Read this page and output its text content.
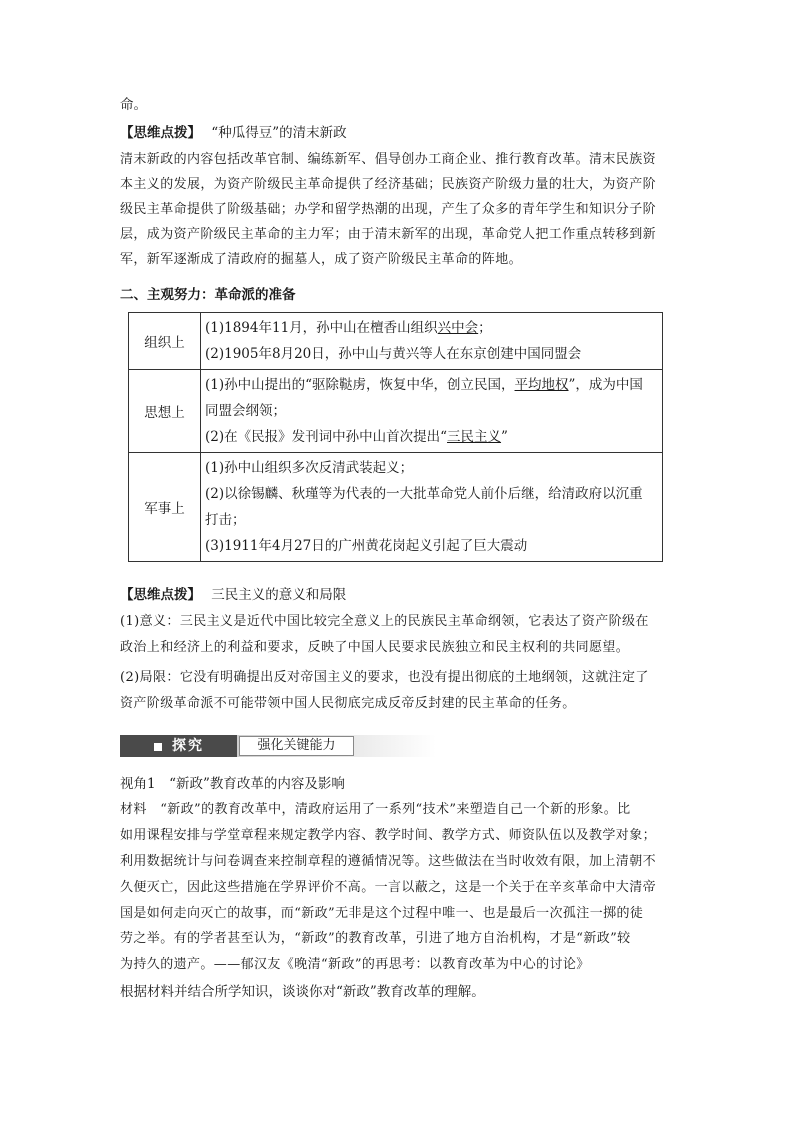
命。
【思维点拨】 “种瓜得豆”的清末新政
清末新政的内容包括改革官制、编练新军、倡导创办工商企业、推行教育改革。清末民族资
本主义的发展，为资产阶级民主革命提供了经济基础；民族资产阶级力量的壮大，为资产阶
级民主革命提供了阶级基础；办学和留学热潮的出现，产生了众多的青年学生和知识分子阶
层，成为资产阶级民主革命的主力军；由于清末新军的出现，革命党人把工作重点转移到新
军，新军逐渐成了清政府的掘墓人，成了资产阶级民主革命的阵地。
二、主观努力：革命派的准备
组织上	(1)1894年11月，孙中山在檀香山组织兴中会；
(2)1905年8月20日，孙中山与黄兴等人在东京创建中国同盟会

思想上	(1)孙中山提出的“驱除鞑虏，恢复中华，创立民国，平均地权”，成为中国
同盟会纲领；
(2)在《民报》发刊词中孙中山首次提出“三民主义”

军事上	(1)孙中山组织多次反清武装起义；
(2)以徐锡麟、秋瑾等为代表的一大批革命党人前仆后继，给清政府以沉重
打击；
(3)1911年4月27日的广州黄花岗起义引起了巨大震动
【思维点拨】 三民主义的意义和局限
(1)意义：三民主义是近代中国比较完全意义上的民族民主革命纲领，它表达了资产阶级在
政治上和经济上的利益和要求，反映了中国人民要求民族独立和民主权利的共同愿望。
(2)局限：它没有明确提出反对帝国主义的要求，也没有提出彻底的土地纲领，这就注定了
资产阶级革命派不可能带领中国人民彻底完成反帝反封建的民主革命的任务。
探究	强化关键能力
视角1　“新政”教育改革的内容及影响
材料　“新政”的教育改革中，清政府运用了一系列“技术”来塑造自己一个新的形象。比
如用课程安排与学堂章程来规定教学内容、教学时间、教学方式、师资队伍以及教学对象；
利用数据统计与问卷调查来控制章程的遵循情况等。这些做法在当时收效有限，加上清朝不
久便灭亡，因此这些措施在学界评价不高。一言以蔽之，这是一个关于在辛亥革命中大清帝
国是如何走向灭亡的故事，而“新政”无非是这个过程中唯一、也是最后一次孤注一掷的徒
劳之举。有的学者甚至认为，“新政”的教育改革，引进了地方自治机构，才是“新政”较
为持久的遗产。——郁汉友《晚清“新政”的再思考：以教育改革为中心的讨论》
根据材料并结合所学知识，谈谈你对“新政”教育改革的理解。
